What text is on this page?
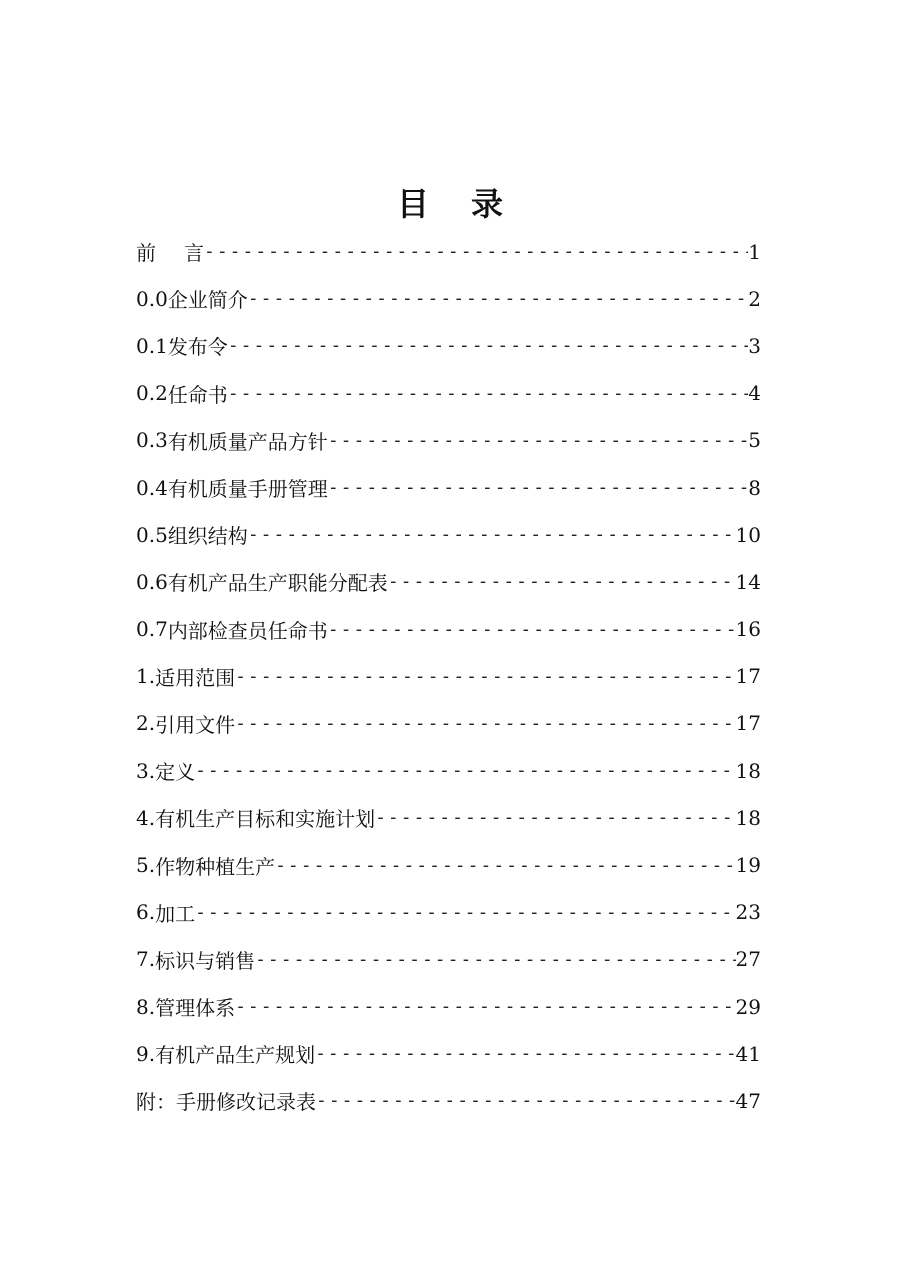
目 录
前 言 -----	1
0.0 企业简介 -----	2
0.1 发布令 -----	3
0.2 任命书 -----	4
0.3 有机质量产品方针 -----	5
0.4 有机质量手册管理 -----	8
0.5 组织结构 -----	10
0.6 有机产品生产职能分配表 -----	14
0.7 内部检查员任命书 -----	16
1. 适用范围 -----	17
2. 引用文件 -----	17
3. 定义 -----	18
4. 有机生产目标和实施计划 -----	18
5. 作物种植生产 -----	19
6. 加工 -----	23
7. 标识与销售 -----	27
8. 管理体系 -----	29
9. 有机产品生产规划 -----	41
附：手册修改记录表 -----	47
